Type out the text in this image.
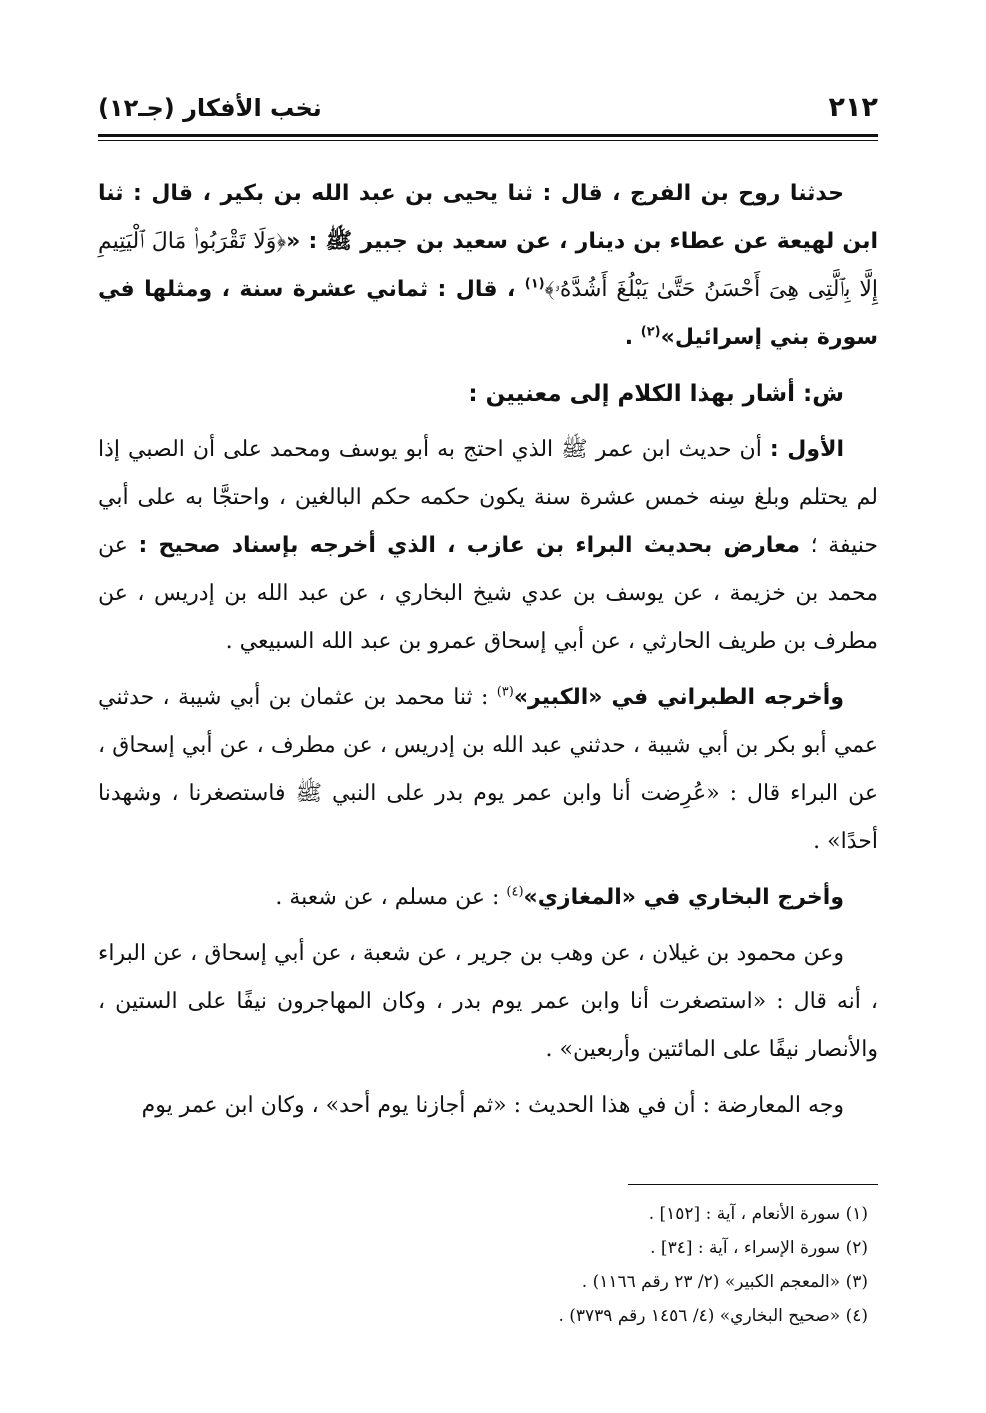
٢١٢
نخب الأفكار (جـ١٢)

حدثنا روح بن الفرج ، قال : ثنا يحيى بن عبد الله بن بكير ، قال : ثنا ابن لهيعة عن عطاء بن دينار ، عن سعيد بن جبير ﷺ : «﴿وَلَا تَقْرَبُوا۟ مَالَ ٱلْيَتِيمِ إِلَّا بِٱلَّتِى هِىَ أَحْسَنُ حَتَّىٰ يَبْلُغَ أَشُدَّهُۥ﴾$^{(١)}$ ، قال : ثماني عشرة سنة ، ومثلها في سورة بني إسرائيل»$^{(٢)}$ .

ش: أشار بهذا الكلام إلى معنيين :

الأول : أن حديث ابن عمر ﷺ الذي احتج به أبو يوسف ومحمد على أن الصبي إذا لم يحتلم وبلغ سِنه خمس عشرة سنة يكون حكمه حكم البالغين ، واحتجَّا به على أبي حنيفة ؛ معارض بحديث البراء بن عازب ، الذي أخرجه بإسناد صحيح : عن محمد بن خزيمة ، عن يوسف بن عدي شيخ البخاري ، عن عبد الله بن إدريس ، عن مطرف بن طريف الحارثي ، عن أبي إسحاق عمرو بن عبد الله السبيعي .

وأخرجه الطبراني في «الكبير»$^{(٣)}$ : ثنا محمد بن عثمان بن أبي شيبة ، حدثني عمي أبو بكر بن أبي شيبة ، حدثني عبد الله بن إدريس ، عن مطرف ، عن أبي إسحاق ، عن البراء قال : «عُرِضت أنا وابن عمر يوم بدر على النبي ﷺ فاستصغرنا ، وشهدنا أحدًا» .

وأخرج البخاري في «المغازي»$^{(٤)}$ : عن مسلم ، عن شعبة .

وعن محمود بن غيلان ، عن وهب بن جرير ، عن شعبة ، عن أبي إسحاق ، عن البراء ، أنه قال : «استصغرت أنا وابن عمر يوم بدر ، وكان المهاجرون نيفًا على الستين ، والأنصار نيفًا على المائتين وأربعين» .

وجه المعارضة : أن في هذا الحديث : «ثم أجازنا يوم أحد» ، وكان ابن عمر يوم

(١) سورة الأنعام ، آية : [١٥٢] .
(٢) سورة الإسراء ، آية : [٣٤] .
(٣) «المعجم الكبير» (٢/ ٢٣ رقم ١١٦٦) .
(٤) «صحيح البخاري» (٤/ ١٤٥٦ رقم ٣٧٣٩) .
